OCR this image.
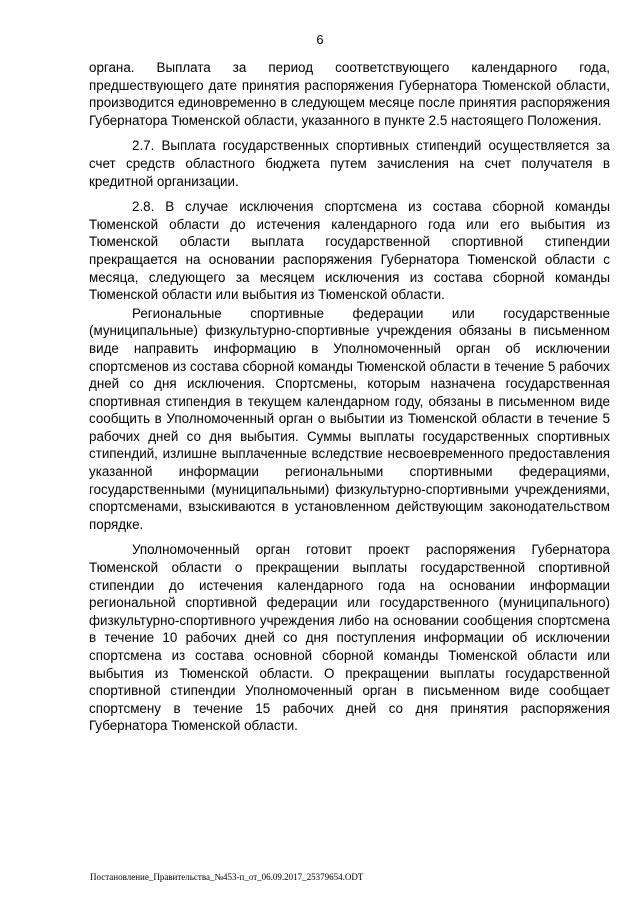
6

органа. Выплата за период соответствующего календарного года, предшествующего дате принятия распоряжения Губернатора Тюменской области, производится единовременно в следующем месяце после принятия распоряжения Губернатора Тюменской области, указанного в пункте 2.5 настоящего Положения.

2.7. Выплата государственных спортивных стипендий осуществляется за счет средств областного бюджета путем зачисления на счет получателя в кредитной организации.

2.8. В случае исключения спортсмена из состава сборной команды Тюменской области до истечения календарного года или его выбытия из Тюменской области выплата государственной спортивной стипендии прекращается на основании распоряжения Губернатора Тюменской области с месяца, следующего за месяцем исключения из состава сборной команды Тюменской области или выбытия из Тюменской области.

Региональные спортивные федерации или государственные (муниципальные) физкультурно-спортивные учреждения обязаны в письменном виде направить информацию в Уполномоченный орган об исключении спортсменов из состава сборной команды Тюменской области в течение 5 рабочих дней со дня исключения. Спортсмены, которым назначена государственная спортивная стипендия в текущем календарном году, обязаны в письменном виде сообщить в Уполномоченный орган о выбытии из Тюменской области в течение 5 рабочих дней со дня выбытия. Суммы выплаты государственных спортивных стипендий, излишне выплаченные вследствие несвоевременного предоставления указанной информации региональными спортивными федерациями, государственными (муниципальными) физкультурно-спортивными учреждениями, спортсменами, взыскиваются в установленном действующим законодательством порядке.

Уполномоченный орган готовит проект распоряжения Губернатора Тюменской области о прекращении выплаты государственной спортивной стипендии до истечения календарного года на основании информации региональной спортивной федерации или государственного (муниципального) физкультурно-спортивного учреждения либо на основании сообщения спортсмена в течение 10 рабочих дней со дня поступления информации об исключении спортсмена из состава основной сборной команды Тюменской области или выбытия из Тюменской области. О прекращении выплаты государственной спортивной стипендии Уполномоченный орган в письменном виде сообщает спортсмену в течение 15 рабочих дней со дня принятия распоряжения Губернатора Тюменской области.

Постановление_Правительства_№453-п_от_06.09.2017_25379654.ODT
